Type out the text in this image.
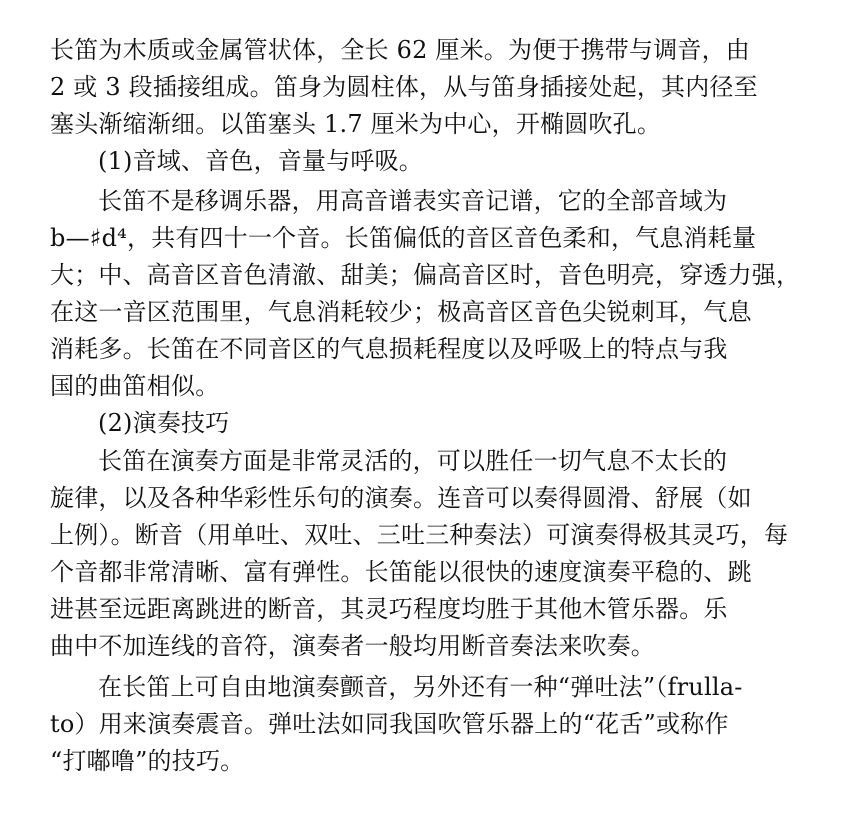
长笛为木质或金属管状体，全长 62 厘米。为便于携带与调音，由
2 或 3 段插接组成。笛身为圆柱体，从与笛身插接处起，其内径至
塞头渐缩渐细。以笛塞头 1.7 厘米为中心，开椭圆吹孔。
(1)音域、音色，音量与呼吸。
长笛不是移调乐器，用高音谱表实音记谱，它的全部音域为
b—♯d⁴，共有四十一个音。长笛偏低的音区音色柔和，气息消耗量
大；中、高音区音色清澈、甜美；偏高音区时，音色明亮，穿透力强，
在这一音区范围里，气息消耗较少；极高音区音色尖锐刺耳，气息
消耗多。长笛在不同音区的气息损耗程度以及呼吸上的特点与我
国的曲笛相似。
(2)演奏技巧
长笛在演奏方面是非常灵活的，可以胜任一切气息不太长的
旋律，以及各种华彩性乐句的演奏。连音可以奏得圆滑、舒展（如
上例）。断音（用单吐、双吐、三吐三种奏法）可演奏得极其灵巧，每
个音都非常清晰、富有弹性。长笛能以很快的速度演奏平稳的、跳
进甚至远距离跳进的断音，其灵巧程度均胜于其他木管乐器。乐
曲中不加连线的音符，演奏者一般均用断音奏法来吹奏。
在长笛上可自由地演奏颤音，另外还有一种“弹吐法”（frulla-
to）用来演奏震音。弹吐法如同我国吹管乐器上的“花舌”或称作
“打嘟噜”的技巧。
